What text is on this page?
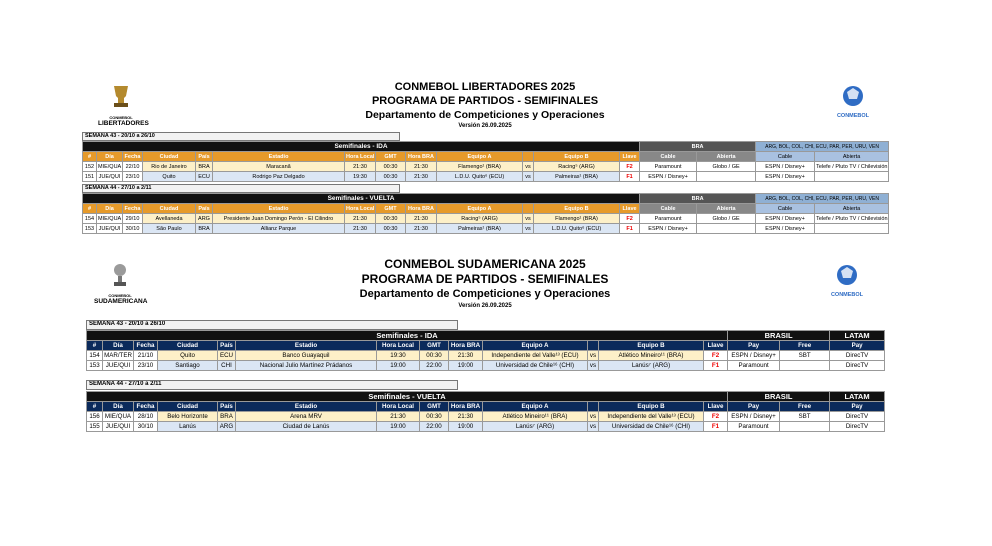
CONMEBOL
LIBERTADORES
CONMEBOL LIBERTADORES 2025
PROGRAMA DE PARTIDOS - SEMIFINALES
Departamento de Competiciones y Operaciones
Versión 26.09.2025
CONMEBOL
SEMANA 43 - 20/10 a 26/10
Semifinales - IDA													BRA		ARG, BOL, COL, CHI, ECU, PAR, PER, URU, VEN	
#	Día	Fecha	Ciudad	País	Estadio	Hora Local	GMT	Hora BRA	Equipo A		Equipo B	Llave	Cable	Abierta	Cable	Abierta
152	MIE/QUA	22/10	Rio de Janeiro	BRA	Maracanã	21:30	00:30	21:30	Flamengo¹ (BRA)	vs	Racing⁵ (ARG)	F2	Paramount	Globo / GE	ESPN / Disney+	Telefe / Pluto TV / Chilevisión
151	JUE/QUI	23/10	Quito	ECU	Rodrigo Paz Delgado	19:30	00:30	21:30	L.D.U. Quito⁶ (ECU)	vs	Palmeiras¹ (BRA)	F1	ESPN / Disney+		ESPN / Disney+	
SEMANA 44 - 27/10 a 2/11
Semifinales - VUELTA													BRA		ARG, BOL, COL, CHI, ECU, PAR, PER, URU, VEN	
#	Día	Fecha	Ciudad	País	Estadio	Hora Local	GMT	Hora BRA	Equipo A		Equipo B	Llave	Cable	Abierta	Cable	Abierta
154	MIE/QUA	29/10	Avellaneda	ARG	Presidente Juan Domingo Perón - El Cilindro	21:30	00:30	21:30	Racing⁵ (ARG)	vs	Flamengo¹ (BRA)	F2	Paramount	Globo / GE	ESPN / Disney+	Telefe / Pluto TV / Chilevisión
153	JUE/QUI	30/10	São Paulo	BRA	Allianz Parque	21:30	00:30	21:30	Palmeiras¹ (BRA)	vs	L.D.U. Quito⁶ (ECU)	F1	ESPN / Disney+		ESPN / Disney+	
CONMEBOL
SUDAMERICANA
CONMEBOL SUDAMERICANA 2025
PROGRAMA DE PARTIDOS - SEMIFINALES
Departamento de Competiciones y Operaciones
Versión 26.09.2025
CONMEBOL
SEMANA 43 - 20/10 a 26/10
Semifinales - IDA													BRASIL		LATAM
#	Día	Fecha	Ciudad	País	Estadio	Hora Local	GMT	Hora BRA	Equipo A		Equipo B	Llave	Pay	Free	Pay
154	MAR/TER	21/10	Quito	ECU	Banco Guayaquil	19:30	00:30	21:30	Independiente del Valle¹³ (ECU)	vs	Atlético Mineiro¹¹ (BRA)	F2	ESPN / Disney+	SBT	DirecTV
153	JUE/QUI	23/10	Santiago	CHI	Nacional Julio Martínez Prádanos	19:00	22:00	19:00	Universidad de Chile¹⁶ (CHI)	vs	Lanús⁷ (ARG)	F1	Paramount		DirecTV
SEMANA 44 - 27/10 a 2/11
Semifinales - VUELTA													BRASIL		LATAM
#	Día	Fecha	Ciudad	País	Estadio	Hora Local	GMT	Hora BRA	Equipo A		Equipo B	Llave	Pay	Free	Pay
156	MIE/QUA	28/10	Belo Horizonte	BRA	Arena MRV	21:30	00:30	21:30	Atlético Mineiro¹¹ (BRA)	vs	Independiente del Valle¹³ (ECU)	F2	ESPN / Disney+	SBT	DirecTV
155	JUE/QUI	30/10	Lanús	ARG	Ciudad de Lanús	19:00	22:00	19:00	Lanús⁷ (ARG)	vs	Universidad de Chile¹⁶ (CHI)	F1	Paramount		DirecTV
